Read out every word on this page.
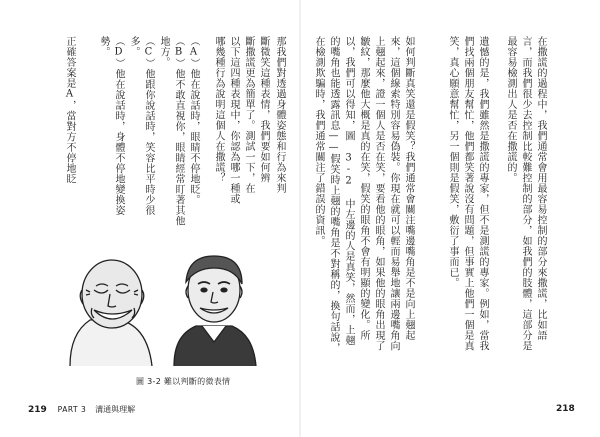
在撒謊的過程中，我們通常會用最容易控制的部分來撒謊，比如語言，而我們很少去控制比較難控制的部分，如我們的肢體，這部分是最容易檢測出人是否在撒謊的。
遺憾的是，我們雖然是撒謊的專家，但不是測謊的專家。例如，當我們找兩個朋友幫忙，他們都笑著說沒有問題，但事實上他們一個是真笑，真心願意幫忙，另一個則是假笑，敷衍了事而已。
如何判斷真笑還是假笑？我們通常會關注嘴邊嘴角是不是向上翹起來，這個線索特別容易偽裝。你現在就可以輕而易舉地讓兩邊嘴角向上翹起來，證一個人是否在笑，要看他的眼角，如果他的眼角出現了皺紋，那麼他大概是真的在笑，假笑的眼角不會有明顯的變化。所以，我們可以得知，圖 3-2 中左邊的人是真笑，然而，上翹的嘴角也能透露訊息——假笑時上翹的嘴角是不對稱的，換句話說，在檢測欺騙時，我們通常關注了錯誤的資訊。
那我們對透過身體姿態和行為來判
斷微笑這種表情，我們要如何辨
斷撒謊更為簡單了。測試一下，在
以下這四種表現中，你認為哪一種或
哪幾種行為說明這個人在撒謊？
（A）他在說話時，眼睛不停地眨。
（B）他不敢直視你，眼睛經常盯著其他地方。
（C）他跟你說話時，笑容比平時少很多。
（D）他在說話時，身體不停地變換姿勢。
正確答案是A，當對方不停地眨
圖 3-2 難以判斷的微表情
219 PART 3 溝通與理解	218
